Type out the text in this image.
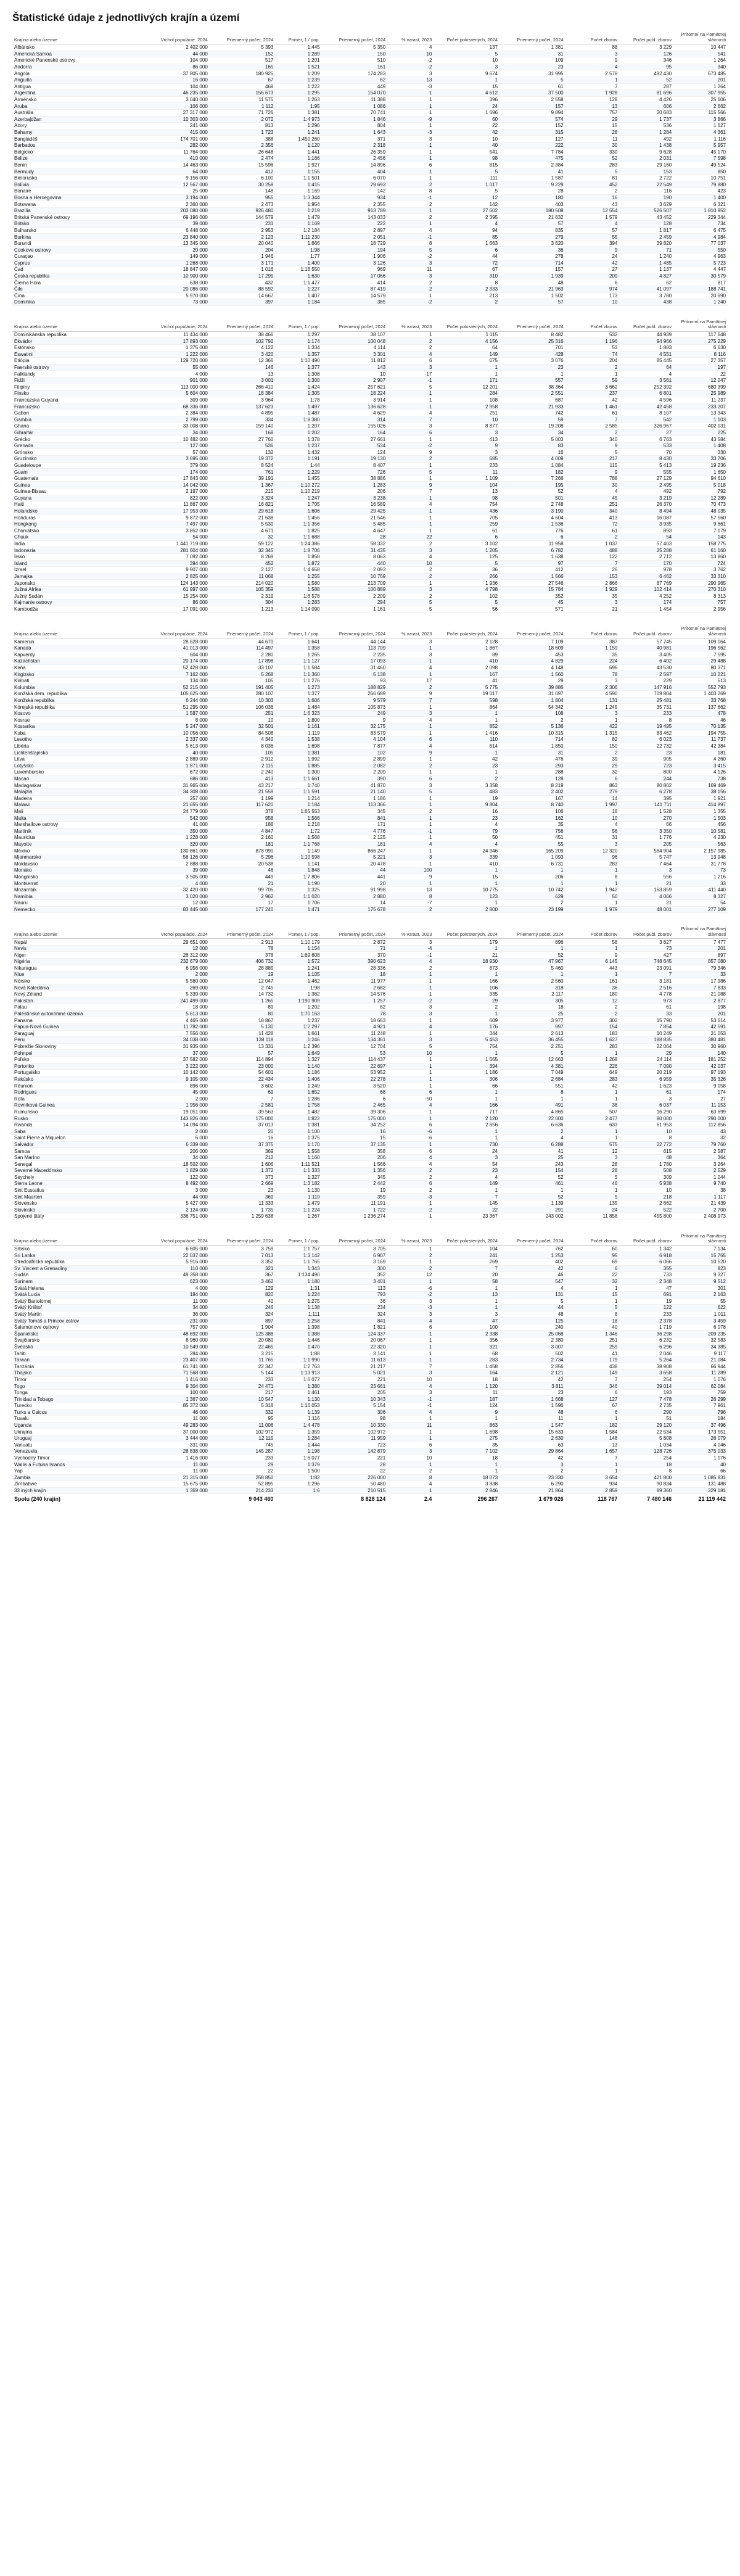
Štatistické údaje z jednotlivých krajín a území
Krajina alebo územie	Vrchol populácie, 2024	Priemerný počet, 2024	Pomer, 1 / pop.	Priemerný počet, 2024	% vzrast, 2023	Počet pokrstených, 2024	Priemerný počet, 2024	Počet zborov	Počet publ. zborov	Prítomní na Pamätnej slávnosti
Albánsko	2 402 000	5 393	1:445	5 350	4	137	1 381	88	3 229	10 447
Americká Samoa	44 000	152	1:289	150	10	5	31	3	126	541
Americké Panenské ostrovy	104 000	517	1:201	510	-2	10	109	9	346	1 264
Andorra	86 000	165	1:521	161	-2	3	23	4	95	340
Angola	37 805 000	180 925	1:209	174 283	3	9 674	31 995	2 578	492 430	673 485
Anguilla	16 000	67	1:239	62	13	1	5	1	52	201
Antigua	104 000	468	1:222	449	-3	15	61	7	287	1 264
Argentína	46 235 000	156 673	1:295	154 070	1	4 612	37 500	1 928	81 696	307 955
Arménsko	3 040 000	11 575	1:263	11 388	1	396	2 558	128	4 426	25 606
Aruba	106 000	1 112	1:95	1 086	1	24	157	13	606	2 662
Austrália	27 317 000	71 726	1:381	70 741	1	1 696	9 894	757	20 683	115 566
Azerbajdžan	10 303 000	2 072	1:4 973	1 846	-9	60	574	29	1 737	3 866
Azory	241 000	813	1:296	804	1	22	152	15	536	1 627
Bahamy	415 000	1 723	1:241	1 643	-3	42	315	28	1 284	4 361
Bangladéš	174 701 000	388	1:450 260	371	3	10	127	11	492	1 116
Barbados	282 000	2 356	1:120	2 318	1	40	222	30	1 438	5 957
Belgicko	11 764 000	26 648	1:441	26 359	1	541	7 784	330	9 628	45 170
Belize	410 000	2 474	1:166	2 456	1	98	475	52	2 031	7 598
Benin	14 463 000	15 596	1:927	14 896	6	815	2 384	283	29 160	49 524
Bermudy	64 000	412	1:155	404	1	5	41	5	153	850
Bielorusko	9 156 000	6 100	1:1 501	6 070	1	111	1 587	81	2 722	10 751
Bolívia	12 567 000	30 258	1:415	29 693	2	1 017	9 229	452	22 549	79 880
Bonaire	25 000	148	1:169	142	8	5	28	2	116	423
Bosna a Hercegovina	3 194 000	955	1:3 344	934	-1	12	180	16	190	1 400
Botswana	2 360 000	2 473	1:954	2 355	2	142	403	43	3 629	6 321
Brazília	203 080 000	926 480	1:219	913 789	1	27 602	180 508	12 554	526 507	1 810 952
Britská Panenské ostrovy	69 196 000	144 579	1:479	143 033	2	2 395	21 632	1 579	43 452	229 344
Britsko	39 000	231	1:169	222	1	4	57	4	128	734
Bulharsko	6 448 000	2 953	1:2 184	2 897	4	94	835	57	1 817	6 475
Burkina	23 840 000	2 123	1:11 230	2 051	-1	85	279	55	2 459	4 984
Burundi	13 345 000	20 040	1:666	18 729	8	1 663	3 620	394	39 820	77 037
Cookove ostrovy	20 000	204	1:98	194	5	6	36	9	71	550
Curaçao	149 000	1 946	1:77	1 906	-2	44	278	24	1 240	4 963
Cyprus	1 268 000	3 171	1:400	3 126	3	72	714	42	1 485	5 723
Čad	18 847 000	1 016	1:18 550	969	11	67	157	27	1 137	4 447
Česká republika	10 900 000	17 295	1:630	17 066	3	310	1 939	209	4 827	30 579
Čierna Hora	638 000	432	1:1 477	414	2	8	48	6	62	817
Čile	20 086 000	88 592	1:227	87 419	2	2 333	21 963	974	41 097	188 741
Čína	5 970 000	14 667	1:407	14 579	1	213	1 502	173	3 780	20 690
Dominika	73 000	397	1:184	385	-2	2	57	10	438	1 240
Krajina alebo územie	Vrchol populácie, 2024	Priemerný počet, 2024	Pomer, 1 / pop.	Priemerný počet, 2024	% vzrast, 2023	Počet pokrstených, 2024	Priemerný počet, 2024	Počet zborov	Počet publ. zborov	Prítomní na Pamätnej slávnosti
Dominikánska republika	11 434 000	38 466	1:297	38 107	1	1 115	8 482	532	44 939	117 648
Ekvádor	17 893 000	102 792	1:174	100 048	2	4 156	25 316	1 196	94 966	275 229
Estónsko	1 375 000	4 122	1:334	4 114	2	64	701	53	1 883	6 630
Eswatini	1 222 000	3 420	1:357	3 301	4	149	428	74	4 551	8 116
Etiópia	129 720 000	12 366	1:10 490	11 812	6	675	3 076	204	85 445	27 357
Faerské ostrovy	55 000	146	1:377	143	3	1	23	2	64	197
Falklandy	4 000	13	1:308	10	-17	1	1	1	4	22
Fidži	901 000	3 001	1:300	2 907	-1	171	557	59	3 561	12 047
Filipíny	113 000 000	266 410	1:424	257 621	5	12 201	38 364	3 662	252 392	680 399
Fínsko	5 604 000	18 384	1:305	18 224	1	284	2 551	237	6 801	25 989
Francúzska Guyana	309 000	3 964	1:78	3 914	1	108	687	42	4 596	11 237
Francúzsko	68 336 000	137 623	1:497	136 628	1	2 958	21 933	1 461	42 458	233 207
Gabon	2 384 000	4 895	1:487	4 629	4	251	742	61	8 107	13 343
Gambia	2 799 000	334	1:8 380	314	7	10	59	7	542	1 103
Ghana	33 008 000	159 140	1:207	155 026	3	8 877	19 208	2 585	326 967	402 031
Gibraltár	34 000	168	1:202	164	6	3	34	2	27	225
Grécko	10 482 000	27 760	1:378	27 661	1	413	5 003	340	6 763	43 584
Grenada	127 000	536	1:237	534	-2	9	83	9	533	1 408
Grónsko	57 000	132	1:432	124	9	3	16	5	70	330
Gruzínsko	3 695 000	19 372	1:191	19 130	2	685	4 009	217	8 430	33 706
Guadeloupe	379 000	8 524	1:44	8 407	1	233	1 084	115	5 413	19 236
Guam	174 000	761	1:229	726	5	11	182	9	555	1 650
Guatemala	17 843 000	39 191	1:455	38 886	1	1 109	7 266	788	27 129	94 610
Guinea	14 042 000	1 367	1:10 272	1 283	9	104	195	30	2 495	5 018
Guinea-Bissau	2 197 000	215	1:10 219	206	7	13	52	4	492	792
Guyana	822 000	3 324	1:247	3 238	1	98	501	45	3 219	12 289
Haiti	11 867 000	16 821	1:705	16 589	4	754	2 748	251	26 370	70 473
Holandsko	17 953 000	29 618	1:606	29 425	1	436	3 190	340	8 494	48 035
Honduras	9 872 000	21 638	1:456	21 546	1	705	4 604	413	16 087	57 560
Hongkong	7 497 000	5 530	1:1 356	5 485	1	259	1 536	72	3 935	9 661
Chorvátsko	3 852 000	4 671	1:825	4 647	1	61	776	61	893	7 179
Chuuk	54 000	32	1:1 688	28	22	6	6	2	54	143
India	1 441 719 000	59 122	1:24 386	58 332	2	3 102	11 958	1 037	57 403	158 775
Indonézia	281 604 000	32 345	1:8 706	31 435	3	1 205	6 782	488	25 288	61 160
Írsko	7 092 000	8 269	1:858	8 063	4	125	1 638	122	2 712	13 860
Island	394 000	452	1:872	440	10	5	97	7	170	724
Izrael	9 907 000	2 127	1:4 658	2 093	2	36	412	26	978	3 762
Jamajka	2 825 000	11 068	1:255	10 769	2	266	1 566	153	6 462	33 310
Japonsko	124 143 000	214 020	1:580	213 709	1	1 936	27 546	2 866	87 769	290 965
Južná Afrika	61 997 000	105 359	1:588	100 889	3	4 798	15 784	1 929	102 414	270 310
Južný Sudán	15 254 000	2 319	1:6 578	2 209	2	102	352	35	4 252	8 313
Kajmanie ostrovy	86 000	304	1:283	294	5	5	45	3	174	757
Kambodža	17 091 000	1 213	1:14 090	1 161	5	56	571	21	1 454	2 956
Krajina alebo územie	Vrchol populácie, 2024	Priemerný počet, 2024	Pomer, 1 / pop.	Priemerný počet, 2024	% vzrast, 2023	Počet pokrstených, 2024	Priemerný počet, 2024	Počet zborov	Počet publ. zborov	Prítomní na Pamätnej slávnosti
Kamerun	28 628 000	44 670	1:641	44 144	3	2 128	7 109	387	57 745	109 064
Kanada	41 013 000	114 497	1:358	113 709	1	1 867	18 609	1 159	40 981	196 562
Kapverdy	604 000	2 280	1:265	2 235	3	89	453	35	3 405	7 595
Kazachstan	20 174 000	17 898	1:1 127	17 093	1	410	4 829	224	6 402	29 488
Keňa	52 428 000	33 107	1:1 584	31 460	4	2 098	4 148	696	43 530	80 371
Kirgizsko	7 162 000	5 268	1:1 360	5 138	1	167	1 560	78	2 597	10 221
Kiribati	134 000	105	1:1 276	93	17	41	29	3	229	513
Kolumbia	52 215 000	191 405	1:273	188 829	2	5 775	39 886	2 306	147 916	552 793
Konžská dem. republika	105 625 000	280 107	1:377	266 689	9	19 017	31 097	4 590	709 804	1 403 269
Konžská republika	6 244 000	10 303	1:606	9 579	7	598	1 804	131	25 481	33 768
Kórejská republika	51 295 000	106 036	1:484	105 873	1	864	54 342	1 245	35 731	137 662
Kosovo	1 587 000	251	1:6 323	249	3	1	108	3	233	478
Kosrae	8 000	10	1:800	9	4	1	2	1	8	46
Kostarika	5 247 000	32 501	1:161	32 175	1	852	5 136	422	19 495	70 135
Kuba	10 056 000	84 508	1:119	83 579	1	1 416	10 315	1 315	83 462	194 755
Lesotho	2 337 000	4 340	1:538	4 104	6	110	714	82	6 023	11 737
Libéria	5 613 000	8 036	1:698	7 877	4	614	1 850	150	22 732	42 384
Lichtenštajnsko	40 000	105	1:381	102	9	1	31	2	23	181
Litva	2 889 000	2 912	1:992	2 899	1	42	476	39	905	4 260
Lotyšsko	1 871 000	2 115	1:885	2 082	2	23	293	29	723	3 415
Luxembursko	672 000	2 240	1:300	2 209	1	1	288	32	800	4 126
Macao	686 000	413	1:1 661	390	6	2	128	6	244	738
Madagaskar	31 965 000	43 217	1:740	41 870	3	3 358	8 219	863	80 802	169 469
Malajzia	34 308 000	21 559	1:1 591	21 140	5	483	2 402	279	6 278	38 156
Madeira	257 000	1 199	1:214	1 186	1	19	167	14	395	1 921
Malawi	21 655 000	117 620	1:184	113 366	1	9 804	8 740	1 997	141 711	414 897
Mali	24 779 000	378	1:65 553	345	2	16	106	18	1 528	1 355
Malta	542 000	958	1:566	841	1	23	162	10	270	1 503
Marshallove ostrovy	41 000	188	1:218	171	1	4	35	4	66	456
Martinik	350 000	4 847	1:72	4 776	-1	79	756	56	3 350	10 581
Mauricius	1 228 000	2 160	1:568	2 125	1	50	451	31	1 776	4 230
Mayotte	320 000	181	1:1 768	181	4	4	55	3	205	563
Mexiko	130 861 000	878 990	1:149	866 247	1	24 946	165 209	12 320	584 904	2 157 985
Mjanmarsko	56 126 000	5 296	1:10 598	5 221	3	339	1 093	96	5 747	13 948
Moldavsko	2 888 000	20 538	1:141	20 478	1	410	6 731	283	7 464	31 778
Monako	39 000	46	1:848	44	100	1	1	1	3	73
Mongolsko	3 505 000	449	1:7 806	441	9	15	206	8	556	1 216
Montserrat	4 000	21	1:190	20	1	1	1	1	21	33
Mozambik	32 420 000	99 705	1:325	91 998	13	10 775	10 742	1 942	163 859	411 440
Namíbia	3 020 000	2 962	1:1 020	2 880	8	123	629	50	4 066	8 327
Nauru	12 000	17	1:706	14	-7	1	2	1	21	54
Nemecko	83 445 000	177 240	1:471	175 678	2	2 800	23 199	1 979	48 001	277 109
Krajina alebo územie	Vrchol populácie, 2024	Priemerný počet, 2024	Pomer, 1 / pop.	Priemerný počet, 2024	% vzrast, 2023	Počet pokrstených, 2024	Priemerný počet, 2024	Počet zborov	Počet publ. zborov	Prítomní na Pamätnej slávnosti
Nepál	29 651 000	2 913	1:10 179	2 872	3	179	896	58	3 827	7 477
Nevis	12 000	78	1:154	71	-4	1	1	1	73	201
Niger	26 312 000	378	1:69 608	370	-1	21	52	9	427	897
Nigéria	232 679 000	406 732	1:572	390 623	4	18 930	47 967	6 145	748 645	857 080
Nikaragua	6 956 000	28 885	1:241	28 336	2	873	5 460	443	23 091	79 346
Niue	2 000	19	1:105	18	1	1	1	1	7	33
Nórsko	5 560 000	12 047	1:462	11 977	1	166	2 560	161	3 181	17 986
Nová Kaledónia	269 000	2 745	1:98	2 682	1	106	318	36	2 516	7 833
Nový Zéland	5 339 000	14 732	1:362	14 576	1	335	2 117	180	4 778	21 088
Pakistan	241 499 000	1 265	1:190 909	1 257	-2	29	305	12	973	2 877
Palau	18 000	89	1:202	82	3	2	18	2	61	198
Palestínske autonómne územia	5 613 000	80	1:70 163	78	3	1	25	2	33	201
Panama	4 465 000	18 867	1:237	18 663	1	609	3 977	302	15 790	53 614
Papua-Nová Guinea	11 782 000	5 130	1:2 297	4 921	4	176	997	154	7 854	42 591
Paraguaj	7 556 000	11 428	1:661	11 248	1	344	2 613	183	10 249	31 053
Peru	34 038 000	138 118	1:246	134 361	3	5 453	36 455	1 627	188 835	380 481
Pobrežie Slonoviny	31 935 000	13 331	1:2 396	12 704	5	754	2 251	283	22 064	30 960
Pohnpei	37 000	57	1:649	53	10	1	5	1	29	140
Poľsko	37 582 000	114 894	1:327	114 437	1	1 665	12 663	1 268	24 114	181 252
Portoriko	3 222 000	23 000	1:140	22 697	1	394	4 381	226	7 090	42 037
Portugalsko	10 142 000	54 601	1:186	53 952	1	1 186	7 049	649	20 219	97 193
Rakúsko	9 105 000	22 434	1:406	22 278	1	306	2 684	283	6 959	35 326
Réunion	896 000	3 602	1:249	3 520	1	66	551	42	1 623	9 058
Rodrigues	45 000	69	1:652	68	6	1	8	1	61	174
Rota	2 000	7	1:286	6	-50	1	1	1	3	27
Rovníková Guinea	1 956 000	2 581	1:758	2 465	4	166	491	38	6 037	11 153
Rumunsko	19 051 000	39 563	1:482	39 306	1	717	4 865	507	16 290	63 699
Rusko	143 826 000	175 000	1:822	175 000	1	2 120	22 000	2 477	80 000	290 000
Rwanda	14 094 000	37 013	1:381	34 252	6	2 656	6 636	633	61 953	112 856
Saba	2 000	20	1:100	16	-6	1	2	1	10	43
Saint Pierre a Miquelon	6 000	16	1:375	15	6	1	4	1	8	32
Salvádor	6 339 000	37 375	1:170	37 135	1	730	6 288	575	22 772	79 760
Samoa	206 000	369	1:558	358	6	24	41	12	615	2 587
San Maríno	34 000	212	1:160	206	4	3	25	3	48	364
Senegal	18 502 000	1 606	1:11 521	1 566	4	54	243	28	1 780	3 264
Severné Macedónsko	1 829 000	1 372	1:1 333	1 356	2	23	154	28	508	2 529
Seychely	122 000	373	1:327	345	2	4	52	5	309	1 044
Sierra Leone	8 492 000	2 669	1:3 182	2 442	6	149	461	46	5 938	9 740
Sint Eustatius	3 000	23	1:130	19	2	1	1	1	10	38
Sint Maarten	44 000	369	1:119	359	-3	7	52	5	218	1 117
Slovensko	5 427 000	11 333	1:479	11 191	1	145	1 139	135	2 662	21 439
Slovinsko	2 124 000	1 735	1:1 224	1 722	2	22	291	24	522	2 700
Spojené štáty	336 751 000	1 259 638	1:267	1 236 274	1	23 367	243 002	11 858	455 800	2 408 973
Krajina alebo územie	Vrchol populácie, 2024	Priemerný počet, 2024	Pomer, 1 / pop.	Priemerný počet, 2024	% vzrast, 2023	Počet pokrstených, 2024	Priemerný počet, 2024	Počet zborov	Počet publ. zborov	Prítomní na Pamätnej slávnosti
Srbsko	6 605 000	3 759	1:1 757	3 705	1	104	762	60	1 342	7 134
Srí Lanka	22 037 000	7 013	1:3 142	6 907	2	241	1 253	95	6 918	15 765
Stredoafrická republika	5 916 000	3 352	1:1 765	3 169	1	269	402	69	6 066	10 520
Sv. Vincent a Grenadíny	110 000	321	1:343	300	2	7	42	6	355	823
Sudán	49 358 000	367	1:134 490	352	12	20	46	22	733	9 327
Surinam	623 000	3 462	1:180	3 401	1	58	547	32	2 348	9 512
Svätá Helena	4 000	129	1:31	113	-6	1	4	1	47	301
Svätá Lucia	184 000	820	1:224	793	-2	13	131	15	691	2 163
Svätý Bartolomej	11 000	40	1:275	36	3	1	5	1	19	55
Svätý Krištof	34 000	246	1:138	234	-3	1	44	5	122	622
Svätý Martin	36 000	324	1:111	324	3	3	48	8	233	1 011
Svätý Tomáš a Princov ostrov	231 000	897	1:258	841	4	47	125	18	2 378	3 459
Šalamúnove ostrovy	757 000	1 904	1:398	1 821	6	100	240	40	1 719	6 078
Španielsko	48 692 000	125 388	1:388	124 337	1	2 338	25 068	1 346	36 298	209 235
Švajčiarsko	8 960 000	20 080	1:446	20 067	1	356	2 380	251	6 232	32 583
Švédsko	10 549 000	22 465	1:470	22 320	1	321	3 007	259	6 296	34 385
Tahiti	284 000	3 215	1:88	3 141	1	68	502	41	2 046	9 117
Taiwan	23 407 000	11 765	1:1 990	11 613	1	283	2 734	179	5 264	21 084
Tanzánia	61 741 000	22 347	1:2 763	21 217	7	1 458	2 856	438	38 908	66 944
Thajsko	71 568 000	5 144	1:13 913	5 021	3	164	2 121	149	3 658	11 289
Timor	1 416 000	233	1:6 077	221	10	18	42	7	254	1 076
Togo	9 304 000	24 471	1:380	23 661	4	1 120	3 811	346	39 014	62 084
Tonga	100 000	217	1:461	205	3	11	23	6	193	759
Trinidad a Tobago	1 367 000	10 547	1:130	10 343	-1	187	1 668	127	7 478	26 299
Turecko	85 372 000	5 318	1:16 053	5 154	-1	124	1 596	67	2 735	7 961
Turks a Caicos	46 000	332	1:139	306	4	9	48	6	290	796
Tuvalu	11 000	95	1:116	98	1	1	11	1	51	184
Uganda	49 283 000	11 006	1:4 478	10 330	11	863	1 547	182	29 120	37 496
Ukrajina	37 000 000	102 972	1:359	102 972	1	1 698	15 633	1 584	22 534	173 551
Uruguaj	3 444 000	12 115	1:284	11 959	1	275	2 630	148	5 808	26 079
Vanuatu	331 000	745	1:444	723	6	35	63	13	1 034	4 046
Venezuela	28 838 000	145 287	1:198	142 879	3	7 102	29 864	1 657	128 726	375 033
Východný Timor	1 416 000	233	1:6 077	221	10	18	42	7	254	1 076
Wallis a Futuna Islands	11 000	29	1:379	28	1	1	3	1	18	40
Yap	11 000	22	1:500	22	2	1	2	1	8	66
Zambia	21 315 000	258 850	1:82	226 000	8	18 073	23 330	3 654	421 800	1 085 831
Zimbabwe	15 675 000	52 895	1:296	50 480	4	3 838	6 290	934	90 834	131 488
33 iných krajín	1 359 000	214 233	1:6	210 515	1	2 846	21 864	2 859	89 360	329 181
Spolu (240 krajín)		9 043 460		8 828 124	2.4	296 267	1 679 026	118 767	7 480 146	21 119 442
